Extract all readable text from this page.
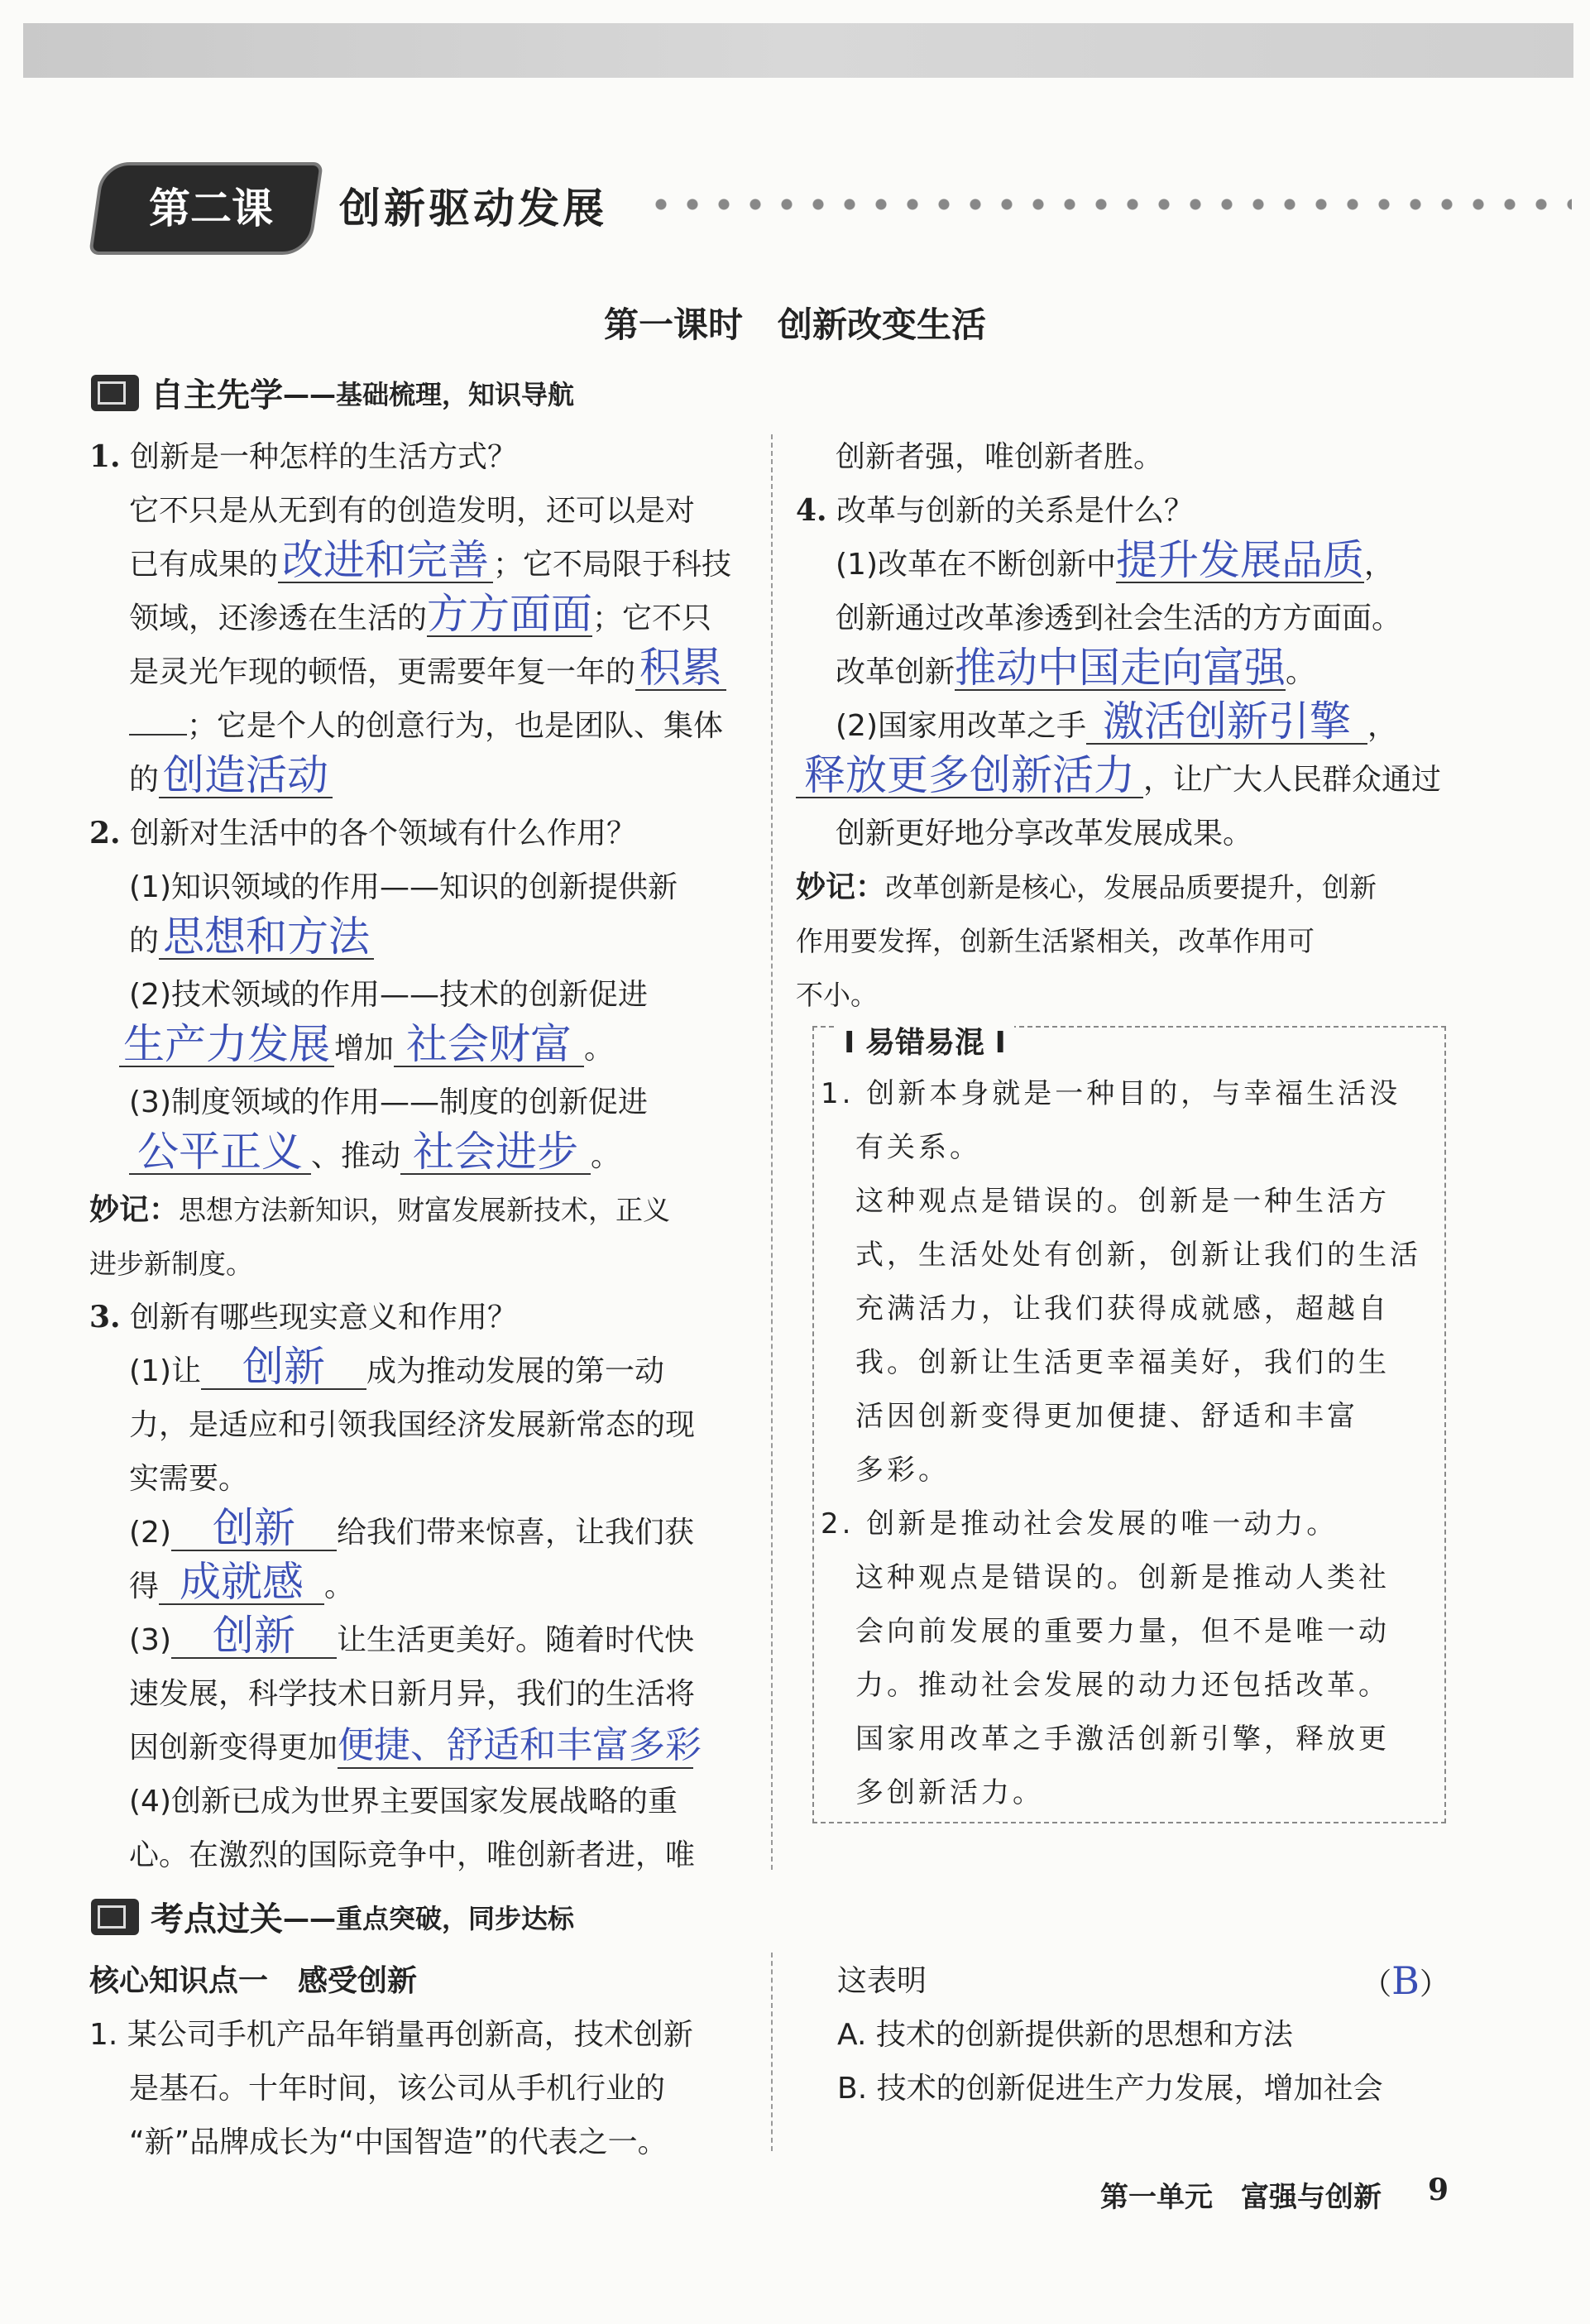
第二课	创新驱动发展
第一课时　创新改变生活
自主先学 ——基础梳理，知识导航

1. 创新是一种怎样的生活方式？

它不只是从无到有的创造发明，还可以是对

已有成果的 改进和完善 ；它不局限于科技

领域，还渗透在生活的方方面面；它不只

是灵光乍现的顿悟，更需要年复一年的 积累

；它是个人的创意行为，也是团队、集体

的 创造活动

2. 创新对生活中的各个领域有什么作用？

(1)知识领域的作用——知识的创新提供新

的 思想和方法

(2)技术领域的作用——技术的创新促进

生产力发展 增加 社会财富 。

(3)制度领域的作用——制度的创新促进

公平正义 、推动 社会进步 。

妙记：思想方法新知识，财富发展新技术，正义

进步新制度。

3. 创新有哪些现实意义和作用？

(1)让 创新 成为推动发展的第一动

力，是适应和引领我国经济发展新常态的现

实需要。

(2) 创新 给我们带来惊喜，让我们获

得 成就感 。

(3) 创新 让生活更美好。随着时代快

速发展，科学技术日新月异，我们的生活将

因创新变得更加便捷、舒适和丰富多彩

(4)创新已成为世界主要国家发展战略的重

心。在激烈的国际竞争中，唯创新者进，唯

创新者强，唯创新者胜。

4. 改革与创新的关系是什么？

(1)改革在不断创新中提升发展品质，

创新通过改革渗透到社会生活的方方面面。

改革创新推动中国走向富强。

(2)国家用改革之手 激活创新引擎 ，

释放更多创新活力 ，让广大人民群众通过

创新更好地分享改革发展成果。

妙记：改革创新是核心，发展品质要提升，创新

作用要发挥，创新生活紧相关，改革作用可

不小。

I 易错易混 I

1. 创新本身就是一种目的，与幸福生活没

有关系。

这种观点是错误的。创新是一种生活方

式，生活处处有创新，创新让我们的生活

充满活力，让我们获得成就感，超越自

我。创新让生活更幸福美好，我们的生

活因创新变得更加便捷、舒适和丰富

多彩。

2. 创新是推动社会发展的唯一动力。

这种观点是错误的。创新是推动人类社

会向前发展的重要力量，但不是唯一动

力。推动社会发展的动力还包括改革。

国家用改革之手激活创新引擎，释放更

多创新活力。

考点过关 ——重点突破，同步达标

核心知识点一　感受创新

1. 某公司手机产品年销量再创新高，技术创新

是基石。十年时间，该公司从手机行业的

“新”品牌成长为“中国智造”的代表之一。

这表明	（B）

A. 技术的创新提供新的思想和方法

B. 技术的创新促进生产力发展，增加社会

第一单元　富强与创新 9
